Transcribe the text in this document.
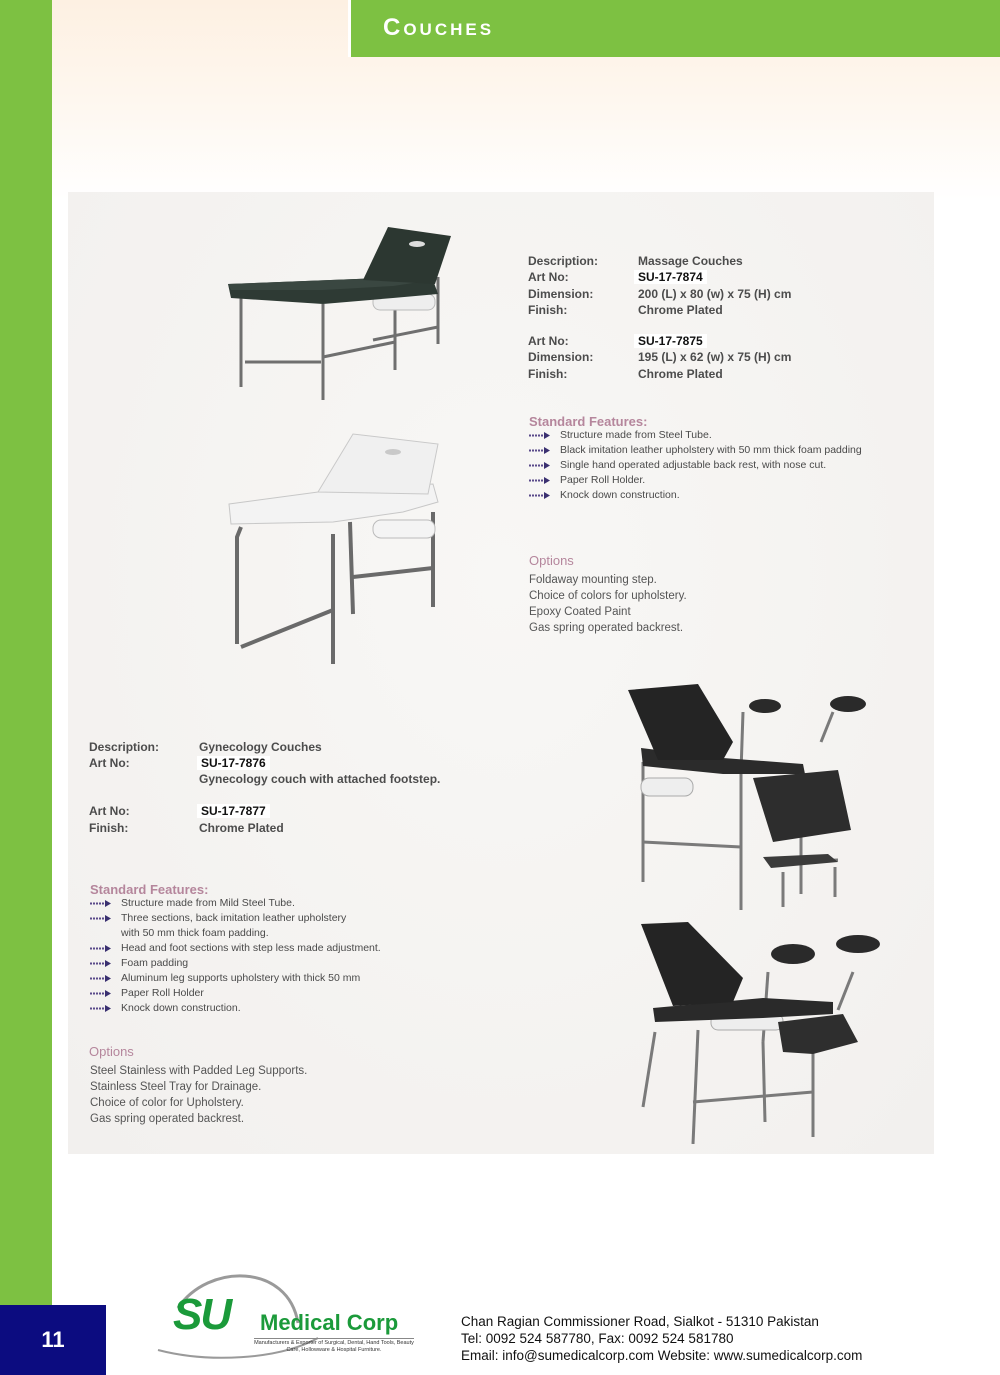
Couches
Description:	Massage Couches
Art No:	SU-17-7874
Dimension:	200 (L) x 80 (w) x 75 (H) cm
Finish:	Chrome Plated
Art No:	SU-17-7875
Dimension:	195 (L) x 62 (w) x 75 (H) cm
Finish:	Chrome Plated
Standard Features:
Structure made from Steel Tube.
Black imitation leather upholstery with 50 mm thick foam padding
Single hand operated adjustable back rest, with nose cut.
Paper Roll Holder.
Knock down construction.
Options
Foldaway mounting step.
Choice of colors for upholstery.
Epoxy Coated Paint
Gas spring operated backrest.
Description:	Gynecology Couches
Art No:	SU-17-7876
Gynecology couch with attached footstep.
Art No:	SU-17-7877
Finish:	Chrome Plated
Standard Features:
Structure made from Mild Steel Tube.
Three sections, back imitation leather upholstery
with 50 mm thick foam padding.
Head and foot sections with step less made adjustment.
Foam padding
Aluminum leg supports upholstery with thick 50 mm
Paper Roll Holder
Knock down construction.
Options
Steel Stainless with Padded Leg Supports.
Stainless Steel Tray for Drainage.
Choice of color for Upholstery.
Gas spring operated backrest.
11
SU Medical Corp
Manufacturers & Exporter of Surgical, Dental, Hand Tools, Beauty Care, Hollowware & Hospital Furniture.
Chan Ragian Commissioner Road, Sialkot - 51310 Pakistan
Tel: 0092 524 587780, Fax: 0092 524 581780
Email: info@sumedicalcorp.com Website: www.sumedicalcorp.com
